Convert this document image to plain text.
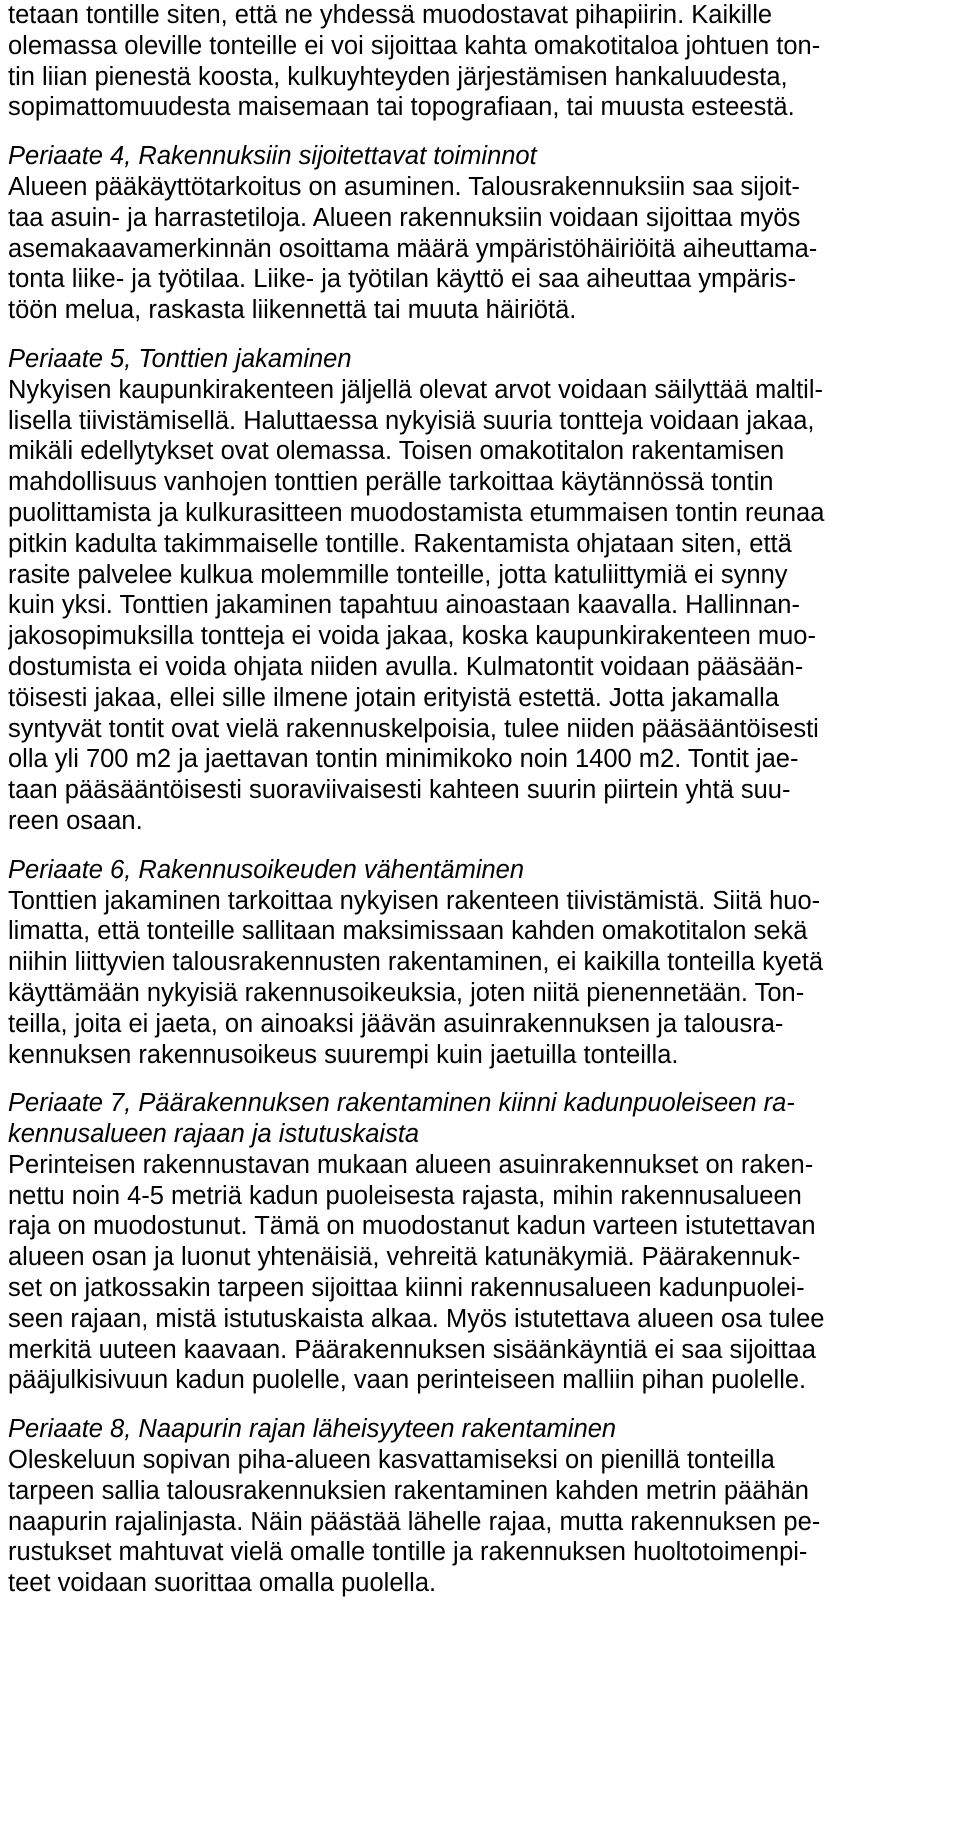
tetaan tontille siten, että ne yhdessä muodostavat pihapiirin. Kaikille
olemassa oleville tonteille ei voi sijoittaa kahta omakotitaloa johtuen ton-
tin liian pienestä koosta, kulkuyhteyden järjestämisen hankaluudesta,
sopimattomuudesta maisemaan tai topografiaan, tai muusta esteestä.
Periaate 4, Rakennuksiin sijoitettavat toiminnot
Alueen pääkäyttötarkoitus on asuminen. Talousrakennuksiin saa sijoit-
taa asuin- ja harrastetiloja. Alueen rakennuksiin voidaan sijoittaa myös
asemakaavamerkinnän osoittama määrä ympäristöhäiriöitä aiheuttama-
tonta liike- ja työtilaa. Liike- ja työtilan käyttö ei saa aiheuttaa ympäris-
töön melua, raskasta liikennettä tai muuta häiriötä.
Periaate 5, Tonttien jakaminen
Nykyisen kaupunkirakenteen jäljellä olevat arvot voidaan säilyttää maltil-
lisella tiivistämisellä. Haluttaessa nykyisiä suuria tontteja voidaan jakaa,
mikäli edellytykset ovat olemassa. Toisen omakotitalon rakentamisen
mahdollisuus vanhojen tonttien perälle tarkoittaa käytännössä tontin
puolittamista ja kulkurasitteen muodostamista etummaisen tontin reunaa
pitkin kadulta takimmaiselle tontille. Rakentamista ohjataan siten, että
rasite palvelee kulkua molemmille tonteille, jotta katuliittymiä ei synny
kuin yksi. Tonttien jakaminen tapahtuu ainoastaan kaavalla. Hallinnan-
jakosopimuksilla tontteja ei voida jakaa, koska kaupunkirakenteen muo-
dostumista ei voida ohjata niiden avulla. Kulmatontit voidaan pääsään-
töisesti jakaa, ellei sille ilmene jotain erityistä estettä. Jotta jakamalla
syntyvät tontit ovat vielä rakennuskelpoisia, tulee niiden pääsääntöisesti
olla yli 700 m2 ja jaettavan tontin minimikoko noin 1400 m2. Tontit jae-
taan pääsääntöisesti suoraviivaisesti kahteen suurin piirtein yhtä suu-
reen osaan.
Periaate 6, Rakennusoikeuden vähentäminen
Tonttien jakaminen tarkoittaa nykyisen rakenteen tiivistämistä. Siitä huo-
limatta, että tonteille sallitaan maksimissaan kahden omakotitalon sekä
niihin liittyvien talousrakennusten rakentaminen, ei kaikilla tonteilla kyetä
käyttämään nykyisiä rakennusoikeuksia, joten niitä pienennetään. Ton-
teilla, joita ei jaeta, on ainoaksi jäävän asuinrakennuksen ja talousra-
kennuksen rakennusoikeus suurempi kuin jaetuilla tonteilla.
Periaate 7, Päärakennuksen rakentaminen kiinni kadunpuoleiseen ra-
kennusalueen rajaan ja istutuskaista
Perinteisen rakennustavan mukaan alueen asuinrakennukset on raken-
nettu noin 4-5 metriä kadun puoleisesta rajasta, mihin rakennusalueen
raja on muodostunut. Tämä on muodostanut kadun varteen istutettavan
alueen osan ja luonut yhtenäisiä, vehreitä katunäkymiä. Päärakennuk-
set on jatkossakin tarpeen sijoittaa kiinni rakennusalueen kadunpuolei-
seen rajaan, mistä istutuskaista alkaa. Myös istutettava alueen osa tulee
merkitä uuteen kaavaan. Päärakennuksen sisäänkäyntiä ei saa sijoittaa
pääjulkisivuun kadun puolelle, vaan perinteiseen malliin pihan puolelle.
Periaate 8, Naapurin rajan läheisyyteen rakentaminen
Oleskeluun sopivan piha-alueen kasvattamiseksi on pienillä tonteilla
tarpeen sallia talousrakennuksien rakentaminen kahden metrin päähän
naapurin rajalinjasta. Näin päästää lähelle rajaa, mutta rakennuksen pe-
rustukset mahtuvat vielä omalle tontille ja rakennuksen huoltotoimenpi-
teet voidaan suorittaa omalla puolella.
